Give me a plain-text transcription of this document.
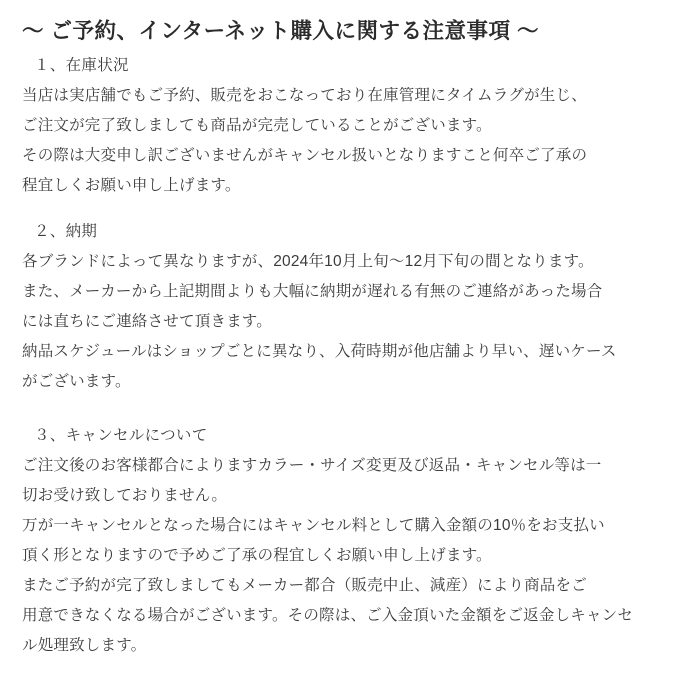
〜 ご予約、インターネット購入に関する注意事項 〜
１、在庫状況
当店は実店舗でもご予約、販売をおこなっており在庫管理にタイムラグが生じ、
ご注文が完了致しましても商品が完売していることがございます。
その際は大変申し訳ございませんがキャンセル扱いとなりますこと何卒ご了承の
程宜しくお願い申し上げます。
２、納期
各ブランドによって異なりますが、2024年10月上旬〜12月下旬の間となります。
また、メーカーから上記期間よりも大幅に納期が遅れる有無のご連絡があった場合
には直ちにご連絡させて頂きます。
納品スケジュールはショップごとに異なり、入荷時期が他店舗より早い、遅いケース
がございます。
３、キャンセルについて
ご注文後のお客様都合によりますカラー・サイズ変更及び返品・キャンセル等は一
切お受け致しておりません。
万が一キャンセルとなった場合にはキャンセル料として購入金額の10％をお支払い
頂く形となりますので予めご了承の程宜しくお願い申し上げます。
またご予約が完了致しましてもメーカー都合（販売中止、減産）により商品をご
用意できなくなる場合がございます。その際は、ご入金頂いた金額をご返金しキャンセ
ル処理致します。
